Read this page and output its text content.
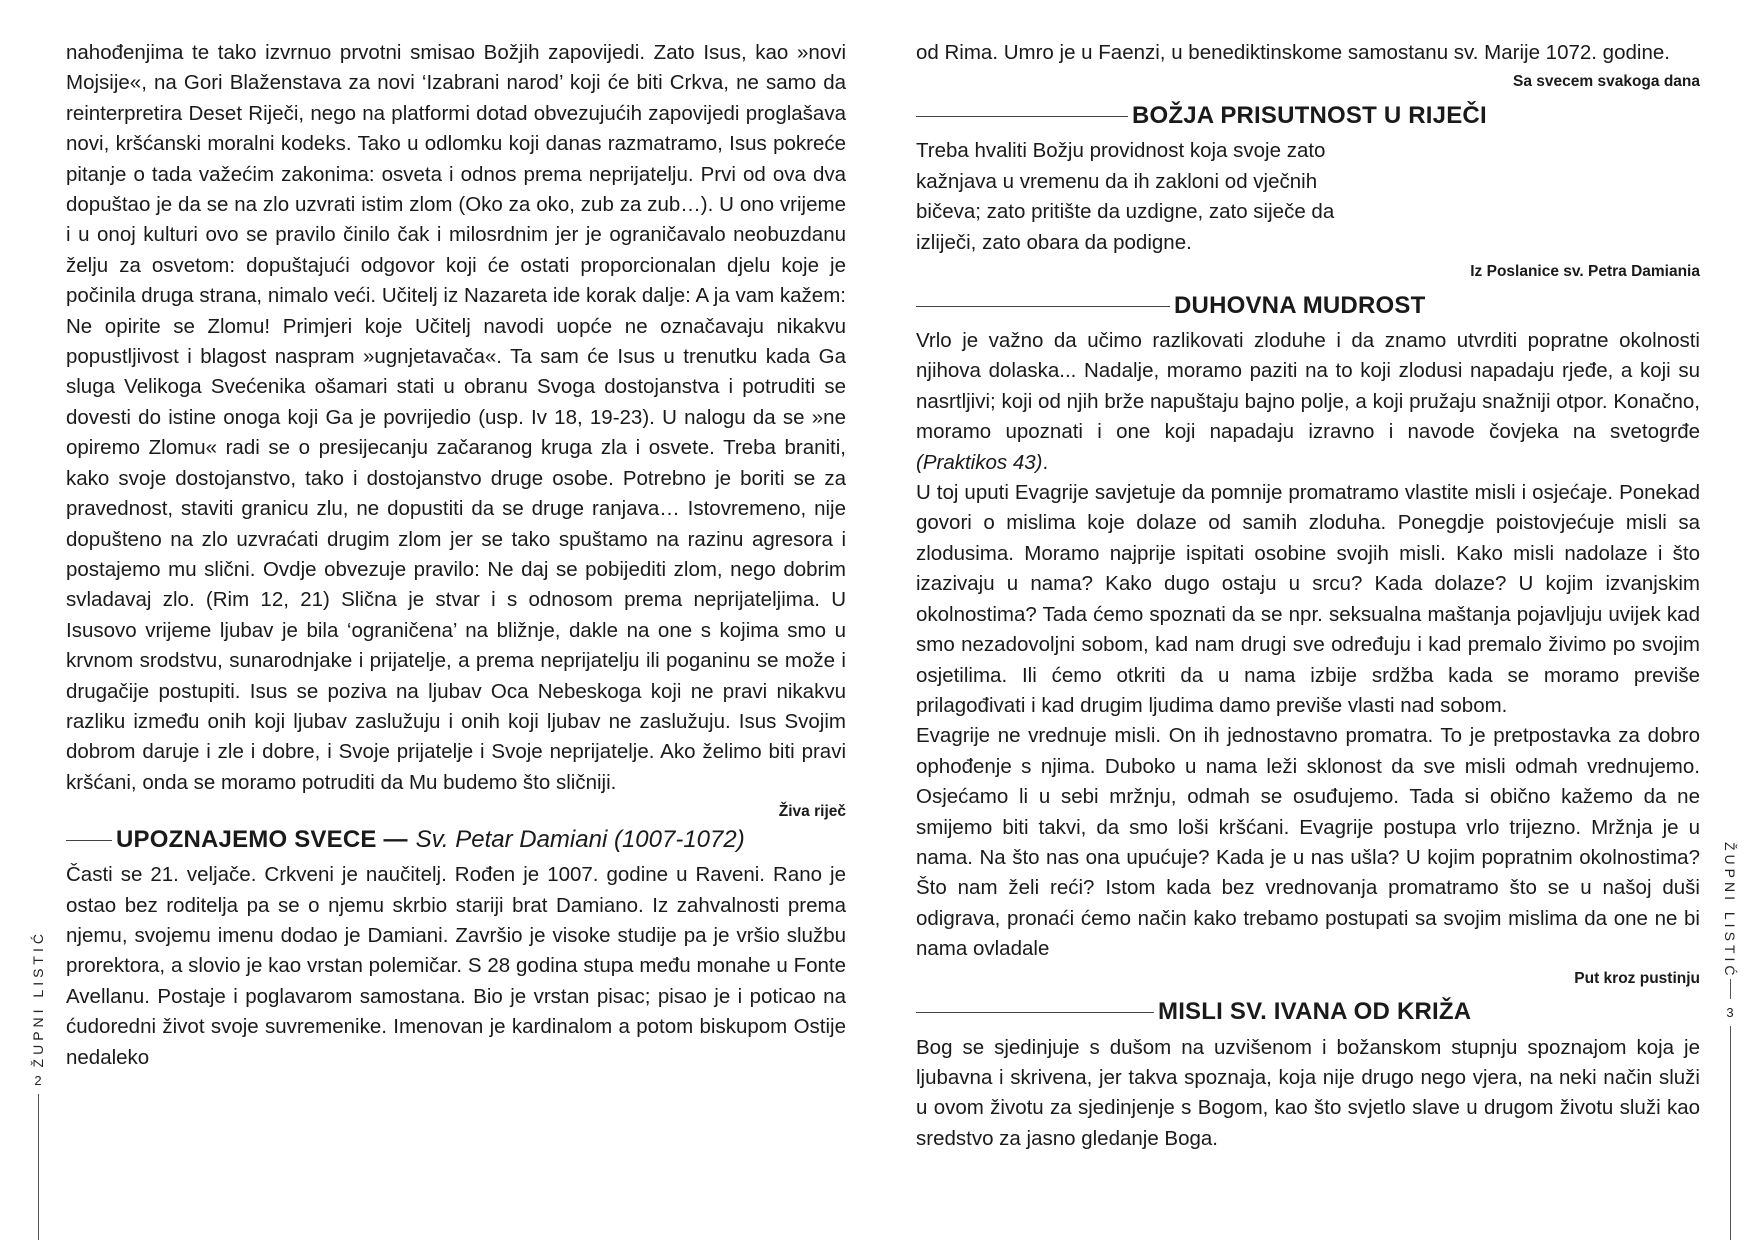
nahođenjima te tako izvrnuo prvotni smisao Božjih zapovijedi. Zato Isus, kao »novi Mojsije«, na Gori Blaženstava za novi ‘Izabrani narod’ koji će biti Crkva, ne samo da reinterpretira Deset Riječi, nego na platformi dotad obvezujućih zapovijedi proglašava novi, kršćanski moralni kodeks. Tako u odlomku koji danas razmatramo, Isus pokreće pitanje o tada važećim zakonima: osveta i odnos prema neprijatelju. Prvi od ova dva dopuštao je da se na zlo uzvrati istim zlom (Oko za oko, zub za zub…). U ono vrijeme i u onoj kulturi ovo se pravilo činilo čak i milosrdnim jer je ograničavalo neobuzdanu želju za osvetom: dopuštajući odgovor koji će ostati proporcionalan djelu koje je počinila druga strana, nimalo veći. Učitelj iz Nazareta ide korak dalje: A ja vam kažem: Ne opirite se Zlomu! Primjeri koje Učitelj navodi uopće ne označavaju nikakvu popustljivost i blagost naspram »ugnjetavača«. Ta sam će Isus u trenutku kada Ga sluga Velikoga Svećenika ošamari stati u obranu Svoga dostojanstva i potruditi se dovesti do istine onoga koji Ga je povrijedio (usp. Iv 18, 19-23). U nalogu da se »ne opiremo Zlomu« radi se o presijecanju začaranog kruga zla i osvete. Treba braniti, kako svoje dostojanstvo, tako i dostojanstvo druge osobe. Potrebno je boriti se za pravednost, staviti granicu zlu, ne dopustiti da se druge ranjava… Istovremeno, nije dopušteno na zlo uzvraćati drugim zlom jer se tako spuštamo na razinu agresora i postajemo mu slični. Ovdje obvezuje pravilo: Ne daj se pobijediti zlom, nego dobrim svladavaj zlo. (Rim 12, 21) Slična je stvar i s odnosom prema neprijateljima. U Isusovo vrijeme ljubav je bila ‘ograničena’ na bližnje, dakle na one s kojima smo u krvnom srodstvu, sunarodnjake i prijatelje, a prema neprijatelju ili poganinu se može i drugačije postupiti. Isus se poziva na ljubav Oca Nebeskoga koji ne pravi nikakvu razliku između onih koji ljubav zaslužuju i onih koji ljubav ne zaslužuju. Isus Svojim dobrom daruje i zle i dobre, i Svoje prijatelje i Svoje neprijatelje. Ako želimo biti pravi kršćani, onda se moramo potruditi da Mu budemo što sličniji.

Živa riječ

UPOZNAJEMO SVECE — Sv. Petar Damiani (1007-1072)

Časti se 21. veljače. Crkveni je naučitelj. Rođen je 1007. godine u Raveni. Rano je ostao bez roditelja pa se o njemu skrbio stariji brat Damiano. Iz zahvalnosti prema njemu, svojemu imenu dodao je Damiani. Završio je visoke studije pa je vršio službu prorektora, a slovio je kao vrstan polemičar. S 28 godina stupa među monahe u Fonte Avellanu. Postaje i poglavarom samostana. Bio je vrstan pisac; pisao je i poticao na ćudoredni život svoje suvremenike. Imenovan je kardinalom a potom biskupom Ostije nedaleko

od Rima. Umro je u Faenzi, u benediktinskome samostanu sv. Marije 1072. godine.

Sa svecem svakoga dana

BOŽJA PRISUTNOST U RIJEČI

Treba hvaliti Božju providnost koja svoje zato kažnjava u vremenu da ih zakloni od vječnih bičeva; zato pritište da uzdigne, zato siječe da izliječi, zato obara da podigne.

Iz Poslanice sv. Petra Damiania

DUHOVNA MUDROST

Vrlo je važno da učimo razlikovati zloduhe i da znamo utvrditi popratne okolnosti njihova dolaska... Nadalje, moramo paziti na to koji zlodusi napadaju rjeđe, a koji su nasrtljivi; koji od njih brže napuštaju bajno polje, a koji pružaju snažniji otpor. Konačno, moramo upoznati i one koji napadaju izravno i navode čovjeka na svetogrđe (Praktikos 43).

U toj uputi Evagrije savjetuje da pomnije promatramo vlastite misli i osjećaje. Ponekad govori o mislima koje dolaze od samih zloduha. Ponegdje poistovjećuje misli sa zlodusima. Moramo najprije ispitati osobine svojih misli. Kako misli nadolaze i što izazivaju u nama? Kako dugo ostaju u srcu? Kada dolaze? U kojim izvanjskim okolnostima? Tada ćemo spoznati da se npr. seksualna maštanja pojavljuju uvijek kad smo nezadovoljni sobom, kad nam drugi sve određuju i kad premalo živimo po svojim osjetilima. Ili ćemo otkriti da u nama izbije srdžba kada se moramo previše prilagođivati i kad drugim ljudima damo previše vlasti nad sobom.

Evagrije ne vrednuje misli. On ih jednostavno promatra. To je pretpostavka za dobro ophođenje s njima. Duboko u nama leži sklonost da sve misli odmah vrednujemo. Osjećamo li u sebi mržnju, odmah se osuđujemo. Tada si obično kažemo da ne smijemo biti takvi, da smo loši kršćani. Evagrije postupa vrlo trijezno. Mržnja je u nama. Na što nas ona upućuje? Kada je u nas ušla? U kojim popratnim okolnostima? Što nam želi reći? Istom kada bez vrednovanja promatramo što se u našoj duši odigrava, pronaći ćemo način kako trebamo postupati sa svojim mislima da one ne bi nama ovladale

Put kroz pustinju

MISLI SV. IVANA OD KRIŽA

Bog se sjedinjuje s dušom na uzvišenom i božanskom stupnju spoznajom koja je ljubavna i skrivena, jer takva spoznaja, koja nije drugo nego vjera, na neki način služi u ovom životu za sjedinjenje s Bogom, kao što svjetlo slave u drugom životu služi kao sredstvo za jasno gledanje Boga.

ŽUPNI LISTIĆ
2
ŽUPNI LISTIĆ
3
